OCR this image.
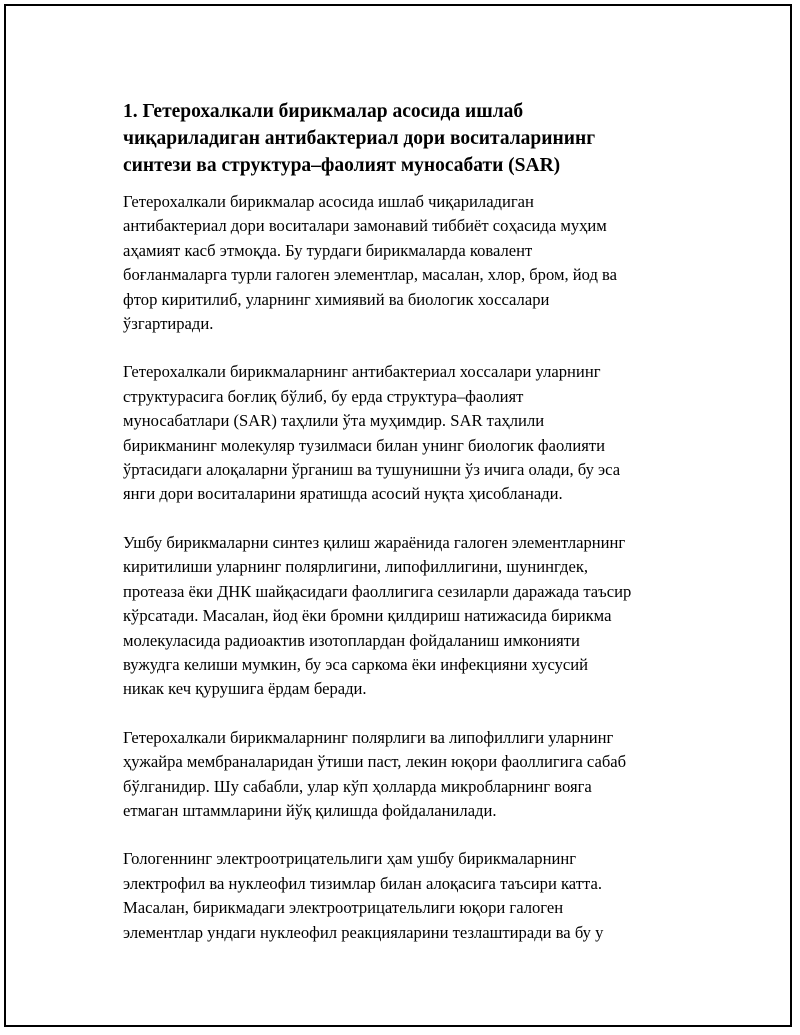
1. Гетерохалкали бирикмалар асосида ишлаб
чиқариладиган антибактериал дори воситаларининг
синтези ва структура–фаолият муносабати (SAR)

Гетерохалкали бирикмалар асосида ишлаб чиқариладиган
антибактериал дори воситалари замонавий тиббиёт соҳасида муҳим
аҳамият касб этмоқда. Бу турдаги бирикмаларда ковалент
боғланмаларга турли галоген элементлар, масалан, хлор, бром, йод ва
фтор киритилиб, уларнинг химиявий ва биологик хоссалари
ўзгартиради.

Гетерохалкали бирикмаларнинг антибактериал хоссалари уларнинг
структурасига боғлиқ бўлиб, бу ерда структура–фаолият
муносабатлари (SAR) таҳлили ўта муҳимдир. SAR таҳлили
бирикманинг молекуляр тузилмаси билан унинг биологик фаолияти
ўртасидаги алоқаларни ўрганиш ва тушунишни ўз ичига олади, бу эса
янги дори воситаларини яратишда асосий нуқта ҳисобланади.

Ушбу бирикмаларни синтез қилиш жараёнида галоген элементларнинг
киритилиши уларнинг полярлигини, липофиллигини, шунингдек,
протеаза ёки ДНК шайқасидаги фаоллигига сезиларли даражада таъсир
кўрсатади. Масалан, йод ёки бромни қилдириш натижасида бирикма
молекуласида радиоактив изотоплардан фойдаланиш имконияти
вужудга келиши мумкин, бу эса саркома ёки инфекцияни хусусий
никак кеч қурушига ёрдам беради.

Гетерохалкали бирикмаларнинг полярлиги ва липофиллиги уларнинг
ҳужайра мембраналаридан ўтиши паст, лекин юқори фаоллигига сабаб
бўлганидир. Шу сабабли, улар кўп ҳолларда микробларнинг вояга
етмаган штаммларини йўқ қилишда фойдаланилади.

Гологеннинг электроотрицательлиги ҳам ушбу бирикмаларнинг
электрофил ва нуклеофил тизимлар билан алоқасига таъсири катта.
Масалан, бирикмадаги электроотрицательлиги юқори галоген
элементлар ундаги нуклеофил реакцияларини тезлаштиради ва бу у
